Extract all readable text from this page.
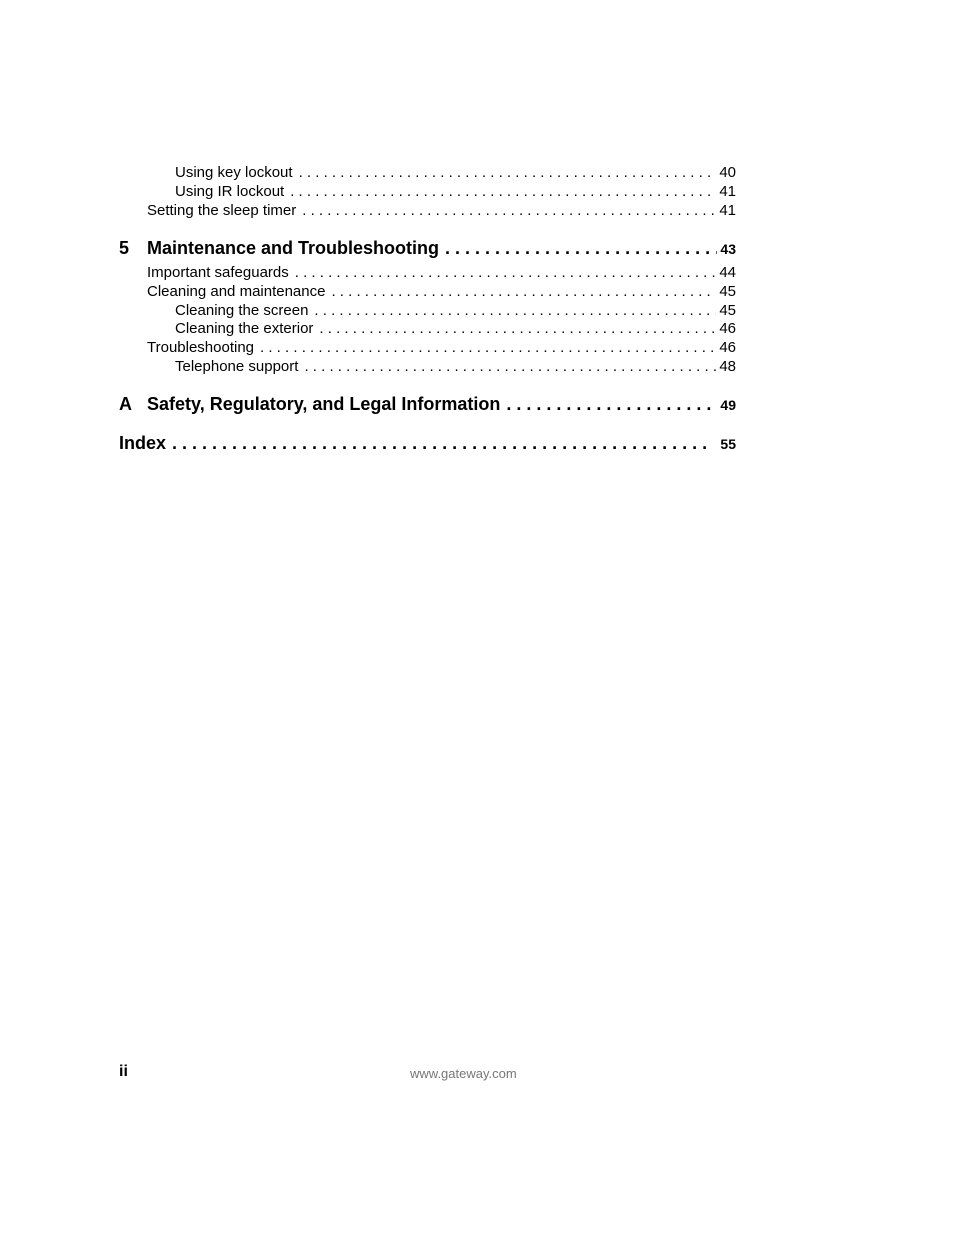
Using key lockout . . .	40
Using IR lockout . . .	41
Setting the sleep timer . . .	41
5 Maintenance and Troubleshooting . . .	43
Important safeguards . . .	44
Cleaning and maintenance . . .	45
Cleaning the screen . . .	45
Cleaning the exterior . . .	46
Troubleshooting . . .	46
Telephone support . . .	48
A Safety, Regulatory, and Legal Information . . .	49
Index . . .	55
ii	www.gateway.com
